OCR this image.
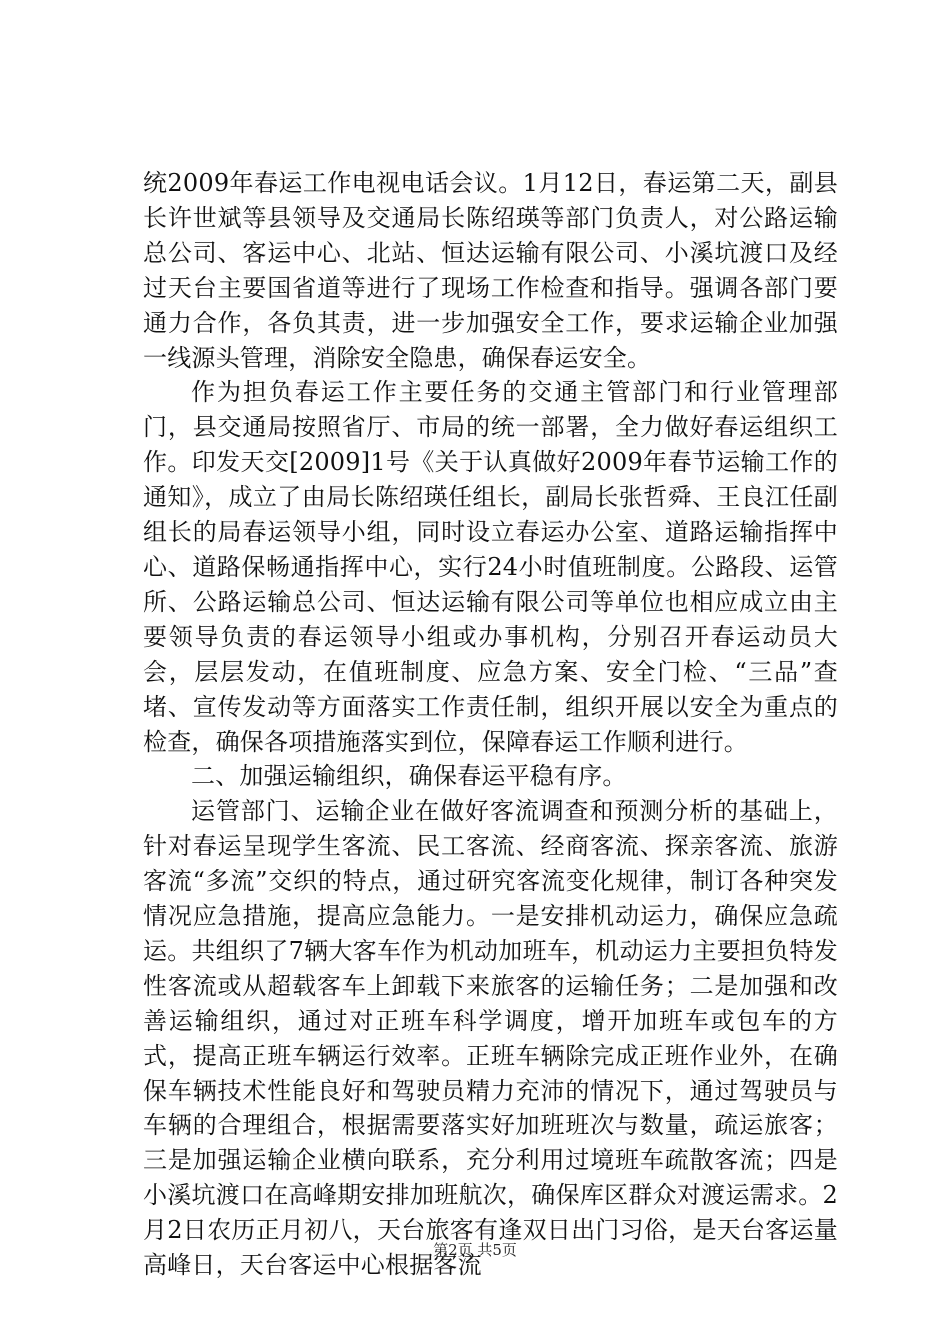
统2009年春运工作电视电话会议。1月12日，春运第二天，副县长许世斌等县领导及交通局长陈绍瑛等部门负责人，对公路运输总公司、客运中心、北站、恒达运输有限公司、小溪坑渡口及经过天台主要国省道等进行了现场工作检查和指导。强调各部门要通力合作，各负其责，进一步加强安全工作，要求运输企业加强一线源头管理，消除安全隐患，确保春运安全。

作为担负春运工作主要任务的交通主管部门和行业管理部门，县交通局按照省厅、市局的统一部署，全力做好春运组织工作。印发天交[2009]1号《关于认真做好2009年春节运输工作的通知》，成立了由局长陈绍瑛任组长，副局长张哲舜、王良江任副组长的局春运领导小组，同时设立春运办公室、道路运输指挥中心、道路保畅通指挥中心，实行24小时值班制度。公路段、运管所、公路运输总公司、恒达运输有限公司等单位也相应成立由主要领导负责的春运领导小组或办事机构，分别召开春运动员大会，层层发动，在值班制度、应急方案、安全门检、“三品”查堵、宣传发动等方面落实工作责任制，组织开展以安全为重点的检查，确保各项措施落实到位，保障春运工作顺利进行。

二、加强运输组织，确保春运平稳有序。

运管部门、运输企业在做好客流调查和预测分析的基础上，针对春运呈现学生客流、民工客流、经商客流、探亲客流、旅游客流“多流”交织的特点，通过研究客流变化规律，制订各种突发情况应急措施，提高应急能力。一是安排机动运力，确保应急疏运。共组织了7辆大客车作为机动加班车，机动运力主要担负特发性客流或从超载客车上卸载下来旅客的运输任务；二是加强和改善运输组织，通过对正班车科学调度，增开加班车或包车的方式，提高正班车辆运行效率。正班车辆除完成正班作业外，在确保车辆技术性能良好和驾驶员精力充沛的情况下，通过驾驶员与车辆的合理组合，根据需要落实好加班班次与数量，疏运旅客；三是加强运输企业横向联系，充分利用过境班车疏散客流；四是小溪坑渡口在高峰期安排加班航次，确保库区群众对渡运需求。2月2日农历正月初八，天台旅客有逢双日出门习俗，是天台客运量高峰日，天台客运中心根据客流

第2页 共5页
